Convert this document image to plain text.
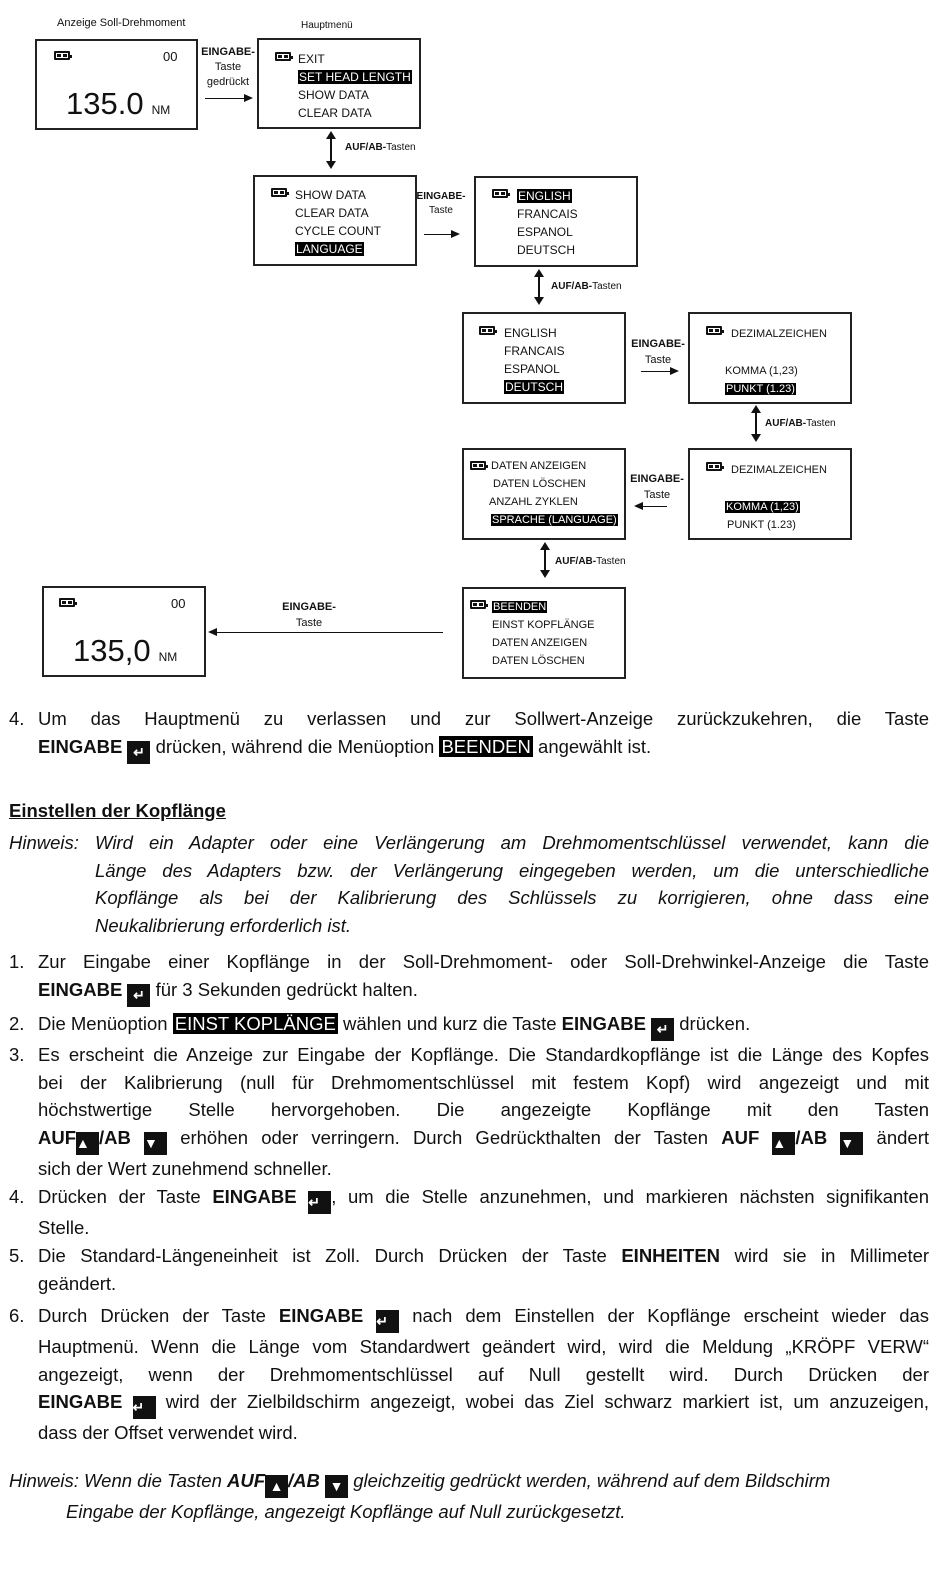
Anzeige Soll-Drehmoment	Hauptmenü
00
135.0 NM
EINGABE-
Taste
gedrückt
EXIT
SET HEAD LENGTH
SHOW DATA
CLEAR DATA
AUF/AB-Tasten
SHOW DATA
CLEAR DATA
CYCLE COUNT
LANGUAGE
EINGABE-
Taste
ENGLISH
FRANCAIS
ESPANOL
DEUTSCH
AUF/AB-Tasten
ENGLISH
FRANCAIS
ESPANOL
DEUTSCH
EINGABE-
Taste
DEZIMALZEICHEN
KOMMA (1,23)
PUNKT (1.23)
AUF/AB-Tasten
DEZIMALZEICHEN
KOMMA (1,23)
PUNKT (1.23)
EINGABE-
Taste
DATEN ANZEIGEN
DATEN LÖSCHEN
ANZAHL ZYKLEN
SPRACHE (LANGUAGE)
AUF/AB-Tasten
BEENDEN
EINST KOPFLÄNGE
DATEN ANZEIGEN
DATEN LÖSCHEN
EINGABE-
Taste
00
135,0 NM
4. Um das Hauptmenü zu verlassen und zur Sollwert-Anzeige zurückzukehren, die Taste
EINGABE ↵ drücken, während die Menüoption BEENDEN angewählt ist.
Einstellen der Kopflänge
Hinweis: Wird ein Adapter oder eine Verlängerung am Drehmomentschlüssel verwendet, kann die
Länge des Adapters bzw. der Verlängerung eingegeben werden, um die unterschiedliche
Kopflänge als bei der Kalibrierung des Schlüssels zu korrigieren, ohne dass eine
Neukalibrierung erforderlich ist.
1. Zur Eingabe einer Kopflänge in der Soll-Drehmoment- oder Soll-Drehwinkel-Anzeige die Taste
EINGABE ↵ für 3 Sekunden gedrückt halten.
2. Die Menüoption EINST KOPLÄNGE wählen und kurz die Taste EINGABE ↵ drücken.
3. Es erscheint die Anzeige zur Eingabe der Kopflänge. Die Standardkopflänge ist die Länge des Kopfes
bei der Kalibrierung (null für Drehmomentschlüssel mit festem Kopf) wird angezeigt und mit
höchstwertige Stelle hervorgehoben. Die angezeigte Kopflänge mit den Tasten
AUF▲ /AB ▼ erhöhen oder verringern. Durch Gedrückthalten der Tasten AUF ▲ /AB ▼ ändert
sich der Wert zunehmend schneller.
4. Drücken der Taste EINGABE ↵ , um die Stelle anzunehmen, und markieren nächsten signifikanten
Stelle.
5. Die Standard-Längeneinheit ist Zoll. Durch Drücken der Taste EINHEITEN wird sie in Millimeter
geändert.
6. Durch Drücken der Taste EINGABE ↵ nach dem Einstellen der Kopflänge erscheint wieder das
Hauptmenü. Wenn die Länge vom Standardwert geändert wird, wird die Meldung „KRÖPF VERW“
angezeigt, wenn der Drehmomentschlüssel auf Null gestellt wird. Durch Drücken der
EINGABE ↵ wird der Zielbildschirm angezeigt, wobei das Ziel schwarz markiert ist, um anzuzeigen,
dass der Offset verwendet wird.
Hinweis: Wenn die Tasten AUF ▲ /AB ▼ gleichzeitig gedrückt werden, während auf dem Bildschirm
Eingabe der Kopflänge, angezeigt Kopflänge auf Null zurückgesetzt.
